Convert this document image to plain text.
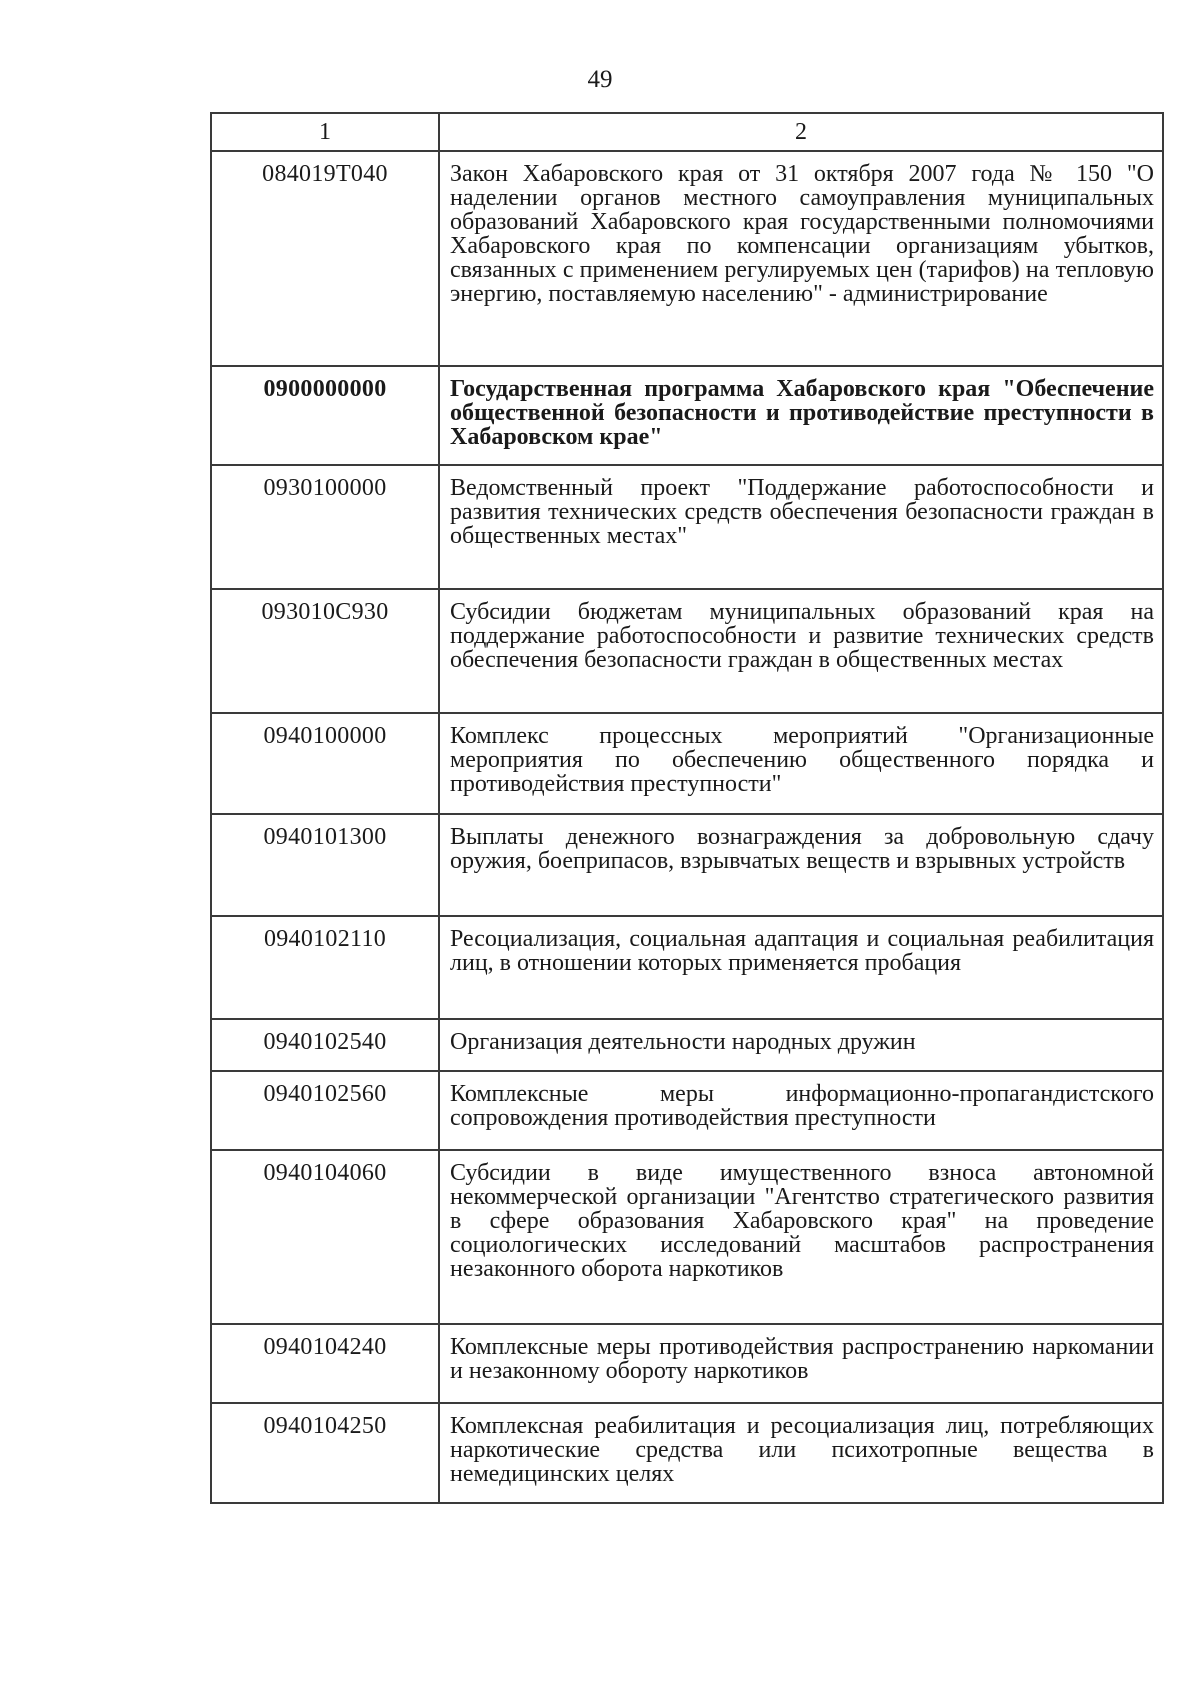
49
1	2
084019Т040	Закон Хабаровского края от 31 октября 2007 года № 150 "О наделении органов местного самоуправления муниципальных образований Хабаровского края государственными полномочиями Хабаровского края по компенсации организациям убытков, связанных с применением регулируемых цен (тарифов) на тепловую энергию, поставляемую населению" - администрирование
0900000000	Государственная программа Хабаровского края "Обеспечение общественной безопасности и противодействие преступности в Хабаровском крае"
0930100000	Ведомственный проект "Поддержание работоспособности и развития технических средств обеспечения безопасности граждан в общественных местах"
093010С930	Субсидии бюджетам муниципальных образований края на поддержание работоспособности и развитие технических средств обеспечения безопасности граждан в общественных местах
0940100000	Комплекс процессных мероприятий "Организационные мероприятия по обеспечению общественного порядка и противодействия преступности"
0940101300	Выплаты денежного вознаграждения за добровольную сдачу оружия, боеприпасов, взрывчатых веществ и взрывных устройств
0940102110	Ресоциализация, социальная адаптация и социальная реабилитация лиц, в отношении которых применяется пробация
0940102540	Организация деятельности народных дружин
0940102560	Комплексные меры информационно-пропагандистского сопровождения противодействия преступности
0940104060	Субсидии в виде имущественного взноса автономной некоммерческой организации "Агентство стратегического развития в сфере образования Хабаровского края" на проведение социологических исследований масштабов распространения незаконного оборота наркотиков
0940104240	Комплексные меры противодействия распространению наркомании и незаконному обороту наркотиков
0940104250	Комплексная реабилитация и ресоциализация лиц, потребляющих наркотические средства или психотропные вещества в немедицинских целях
